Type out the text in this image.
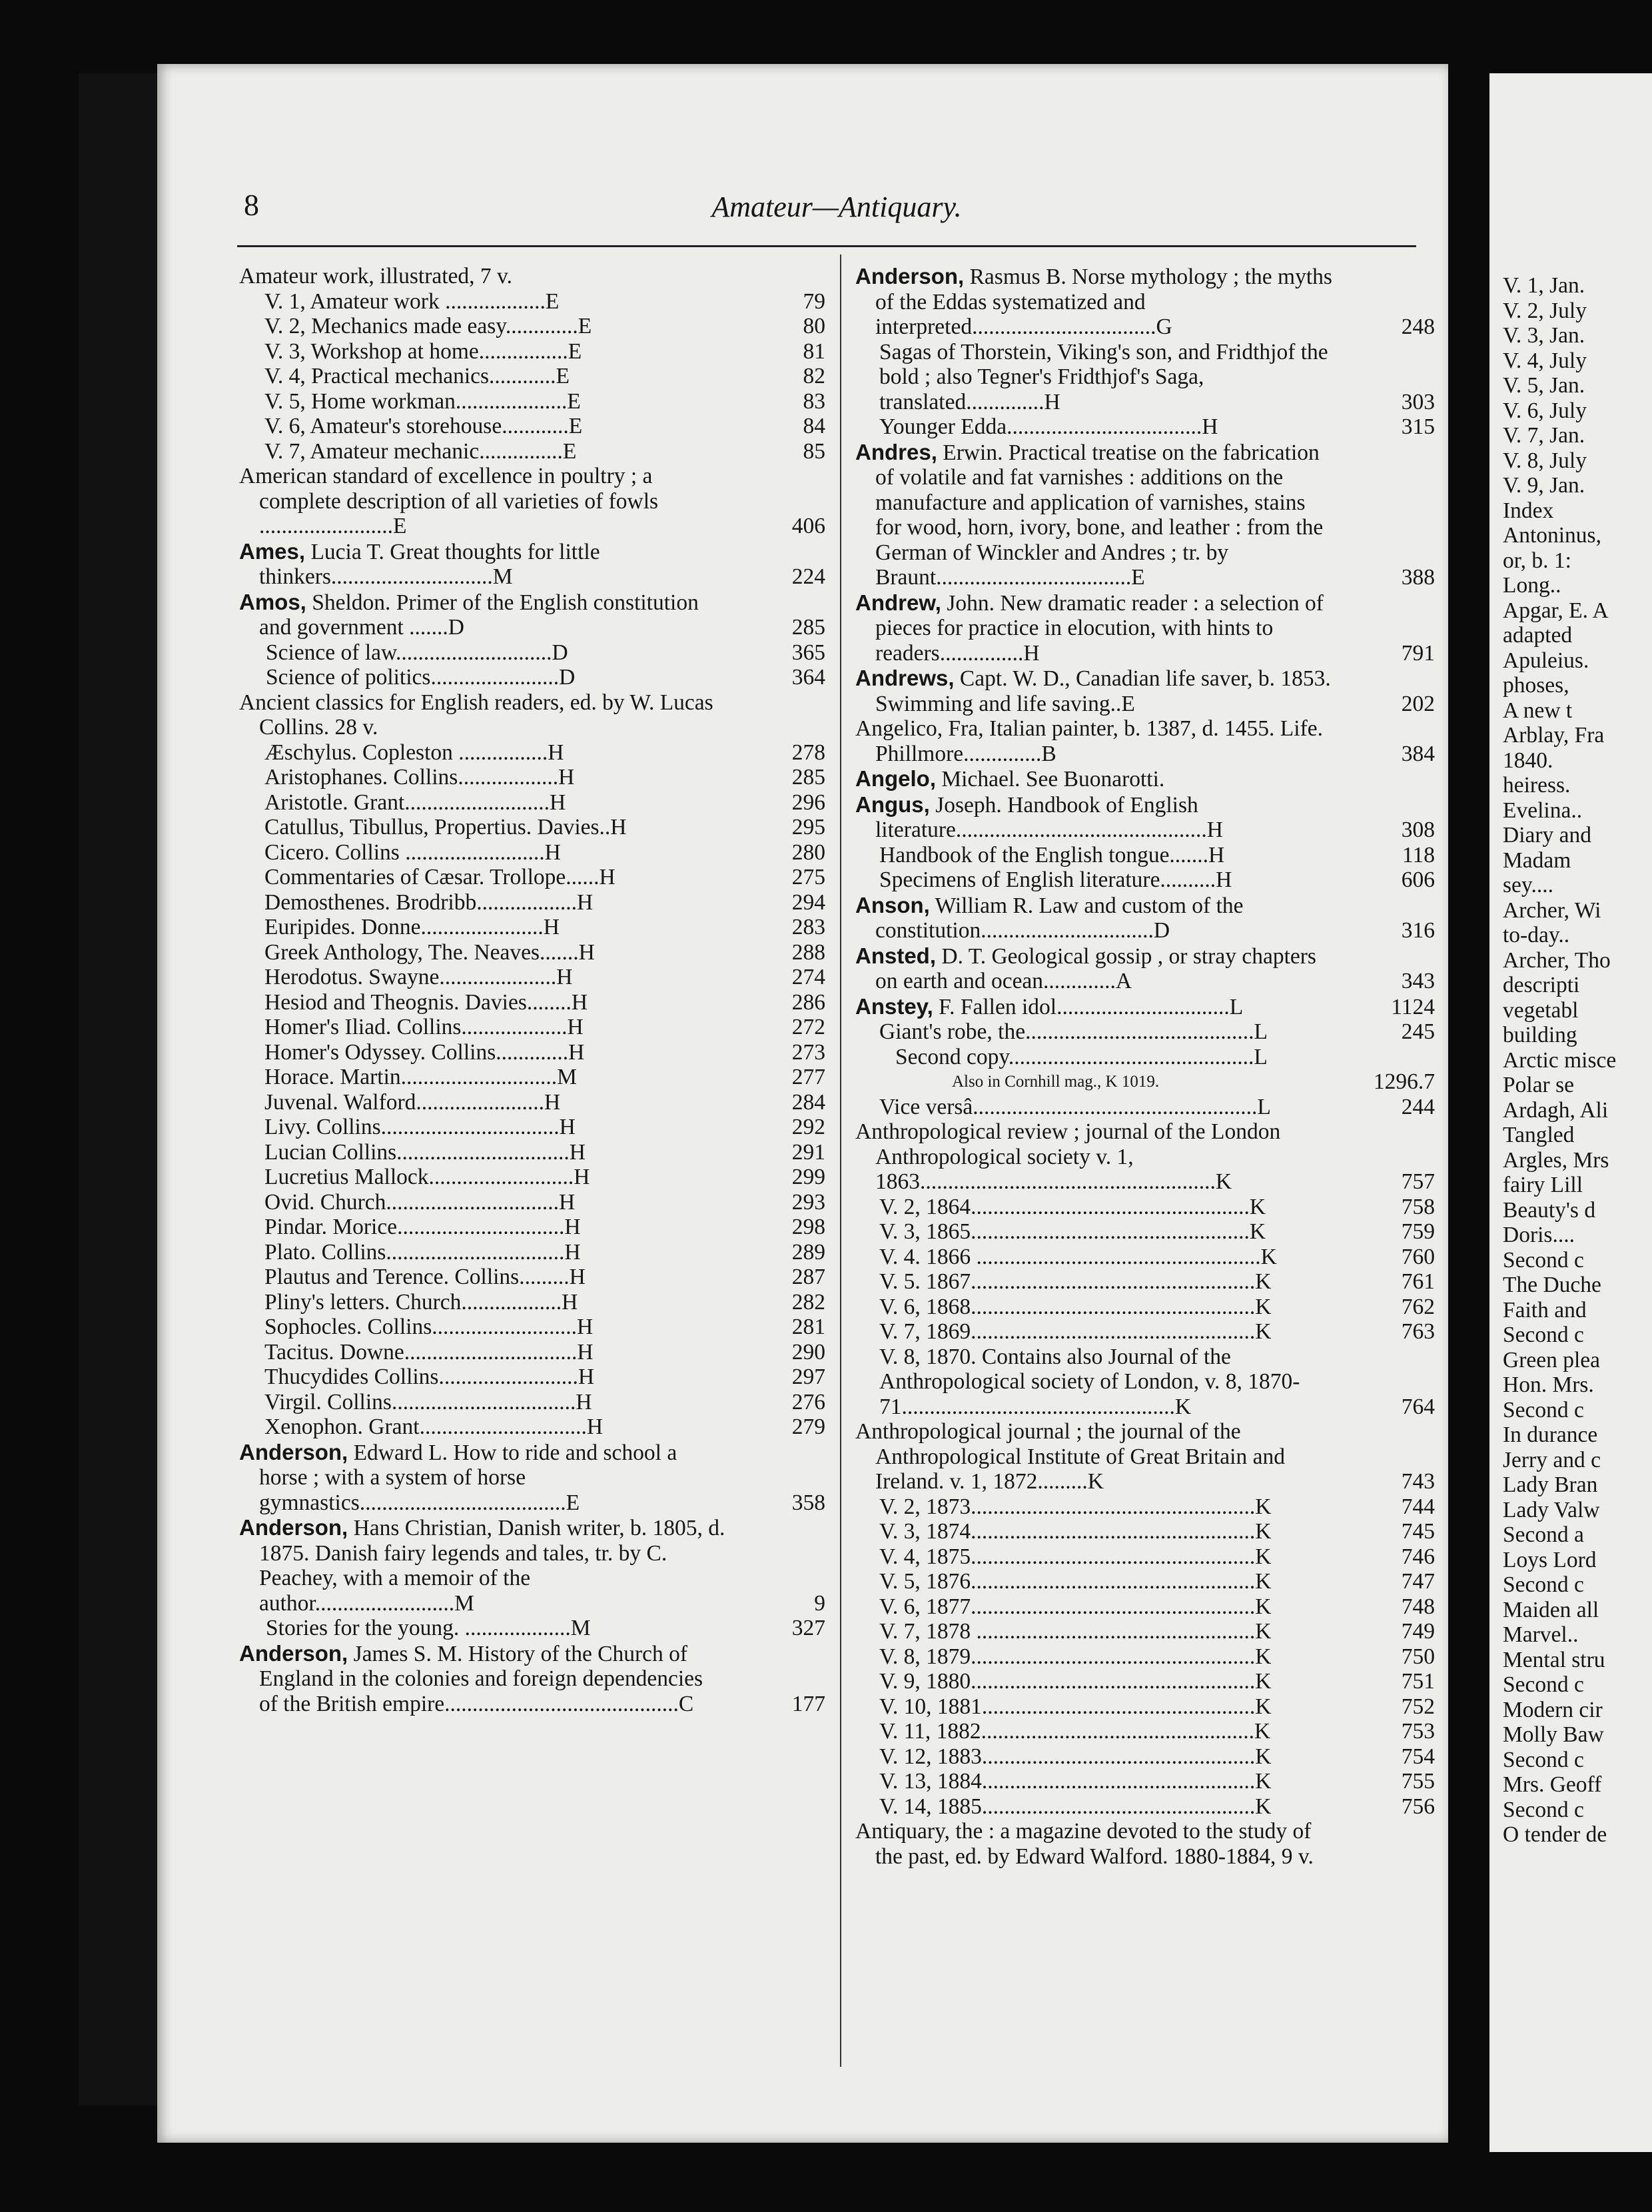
8	Amateur—Antiquary.
Amateur work, illustrated, 7 v.
V. 1, Amateur work ..................E	79
V. 2, Mechanics made easy.............E	80
V. 3, Workshop at home................E	81
V. 4, Practical mechanics............E	82
V. 5, Home workman....................E	83
V. 6, Amateur's storehouse............E	84
V. 7, Amateur mechanic...............E	85
American standard of excellence in poultry ; a complete description of all varieties of fowls ........................E	406
Ames, Lucia T. Great thoughts for little thinkers.............................M	224
Amos, Sheldon. Primer of the English constitution and government .......D	285
Science of law............................D	365
Science of politics.......................D	364
Ancient classics for English readers, ed. by W. Lucas Collins. 28 v.
Æschylus. Copleston ................H	278
Aristophanes. Collins..................H	285
Aristotle. Grant..........................H	296
Catullus, Tibullus, Propertius. Davies..H	295
Cicero. Collins .........................H	280
Commentaries of Cæsar. Trollope......H	275
Demosthenes. Brodribb..................H	294
Euripides. Donne......................H	283
Greek Anthology, The. Neaves.......H	288
Herodotus. Swayne.....................H	274
Hesiod and Theognis. Davies........H	286
Homer's Iliad. Collins...................H	272
Homer's Odyssey. Collins.............H	273
Horace. Martin............................M	277
Juvenal. Walford.......................H	284
Livy. Collins................................H	292
Lucian Collins...............................H	291
Lucretius Mallock..........................H	299
Ovid. Church...............................H	293
Pindar. Morice..............................H	298
Plato. Collins................................H	289
Plautus and Terence. Collins.........H	287
Pliny's letters. Church..................H	282
Sophocles. Collins..........................H	281
Tacitus. Downe...............................H	290
Thucydides Collins.........................H	297
Virgil. Collins.................................H	276
Xenophon. Grant..............................H	279
Anderson, Edward L. How to ride and school a horse ; with a system of horse gymnastics.....................................E	358
Anderson, Hans Christian, Danish writer, b. 1805, d. 1875. Danish fairy legends and tales, tr. by C. Peachey, with a memoir of the author.........................M	9
Stories for the young. ...................M	327
Anderson, James S. M. History of the Church of England in the colonies and foreign dependencies of the British empire..........................................C	177
Anderson, Rasmus B. Norse mythology ; the myths of the Eddas systematized and interpreted.................................G	248
Sagas of Thorstein, Viking's son, and Fridthjof the bold ; also Tegner's Fridthjof's Saga, translated..............H	303
Younger Edda...................................H	315
Andres, Erwin. Practical treatise on the fabrication of volatile and fat varnishes : additions on the manufacture and application of varnishes, stains for wood, horn, ivory, bone, and leather : from the German of Winckler and Andres ; tr. by Braunt...................................E	388
Andrew, John. New dramatic reader : a selection of pieces for practice in elocution, with hints to readers...............H	791
Andrews, Capt. W. D., Canadian life saver, b. 1853. Swimming and life saving..E	202
Angelico, Fra, Italian painter, b. 1387, d. 1455. Life. Phillmore..............B	384
Angelo, Michael. See Buonarotti.
Angus, Joseph. Handbook of English literature.............................................H	308
Handbook of the English tongue.......H	118
Specimens of English literature..........H	606
Anson, William R. Law and custom of the constitution...............................D	316
Ansted, D. T. Geological gossip , or stray chapters on earth and ocean.............A	343
Anstey, F. Fallen idol...............................L	1124
Giant's robe, the.........................................L	245
Second copy............................................L
Also in Cornhill mag., K 1019.	1296.7
Vice versâ...................................................L	244
Anthropological review ; journal of the London Anthropological society v. 1, 1863.....................................................K	757
V. 2, 1864..................................................K	758
V. 3, 1865..................................................K	759
V. 4. 1866 ...................................................K	760
V. 5. 1867...................................................K	761
V. 6, 1868...................................................K	762
V. 7, 1869...................................................K	763
V. 8, 1870. Contains also Journal of the Anthropological society of London, v. 8, 1870-71.................................................K	764
Anthropological journal ; the journal of the Anthropological Institute of Great Britain and Ireland. v. 1, 1872.........K	743
V. 2, 1873...................................................K	744
V. 3, 1874...................................................K	745
V. 4, 1875...................................................K	746
V. 5, 1876...................................................K	747
V. 6, 1877...................................................K	748
V. 7, 1878 ..................................................K	749
V. 8, 1879...................................................K	750
V. 9, 1880...................................................K	751
V. 10, 1881.................................................K	752
V. 11, 1882.................................................K	753
V. 12, 1883.................................................K	754
V. 13, 1884.................................................K	755
V. 14, 1885.................................................K	756
Antiquary, the : a magazine devoted to the study of the past, ed. by Edward Walford. 1880-1884, 9 v.
V. 1, Jan.
V. 2, July
V. 3, Jan.
V. 4, July
V. 5, Jan.
V. 6, July
V. 7, Jan.
V. 8, July
V. 9, Jan.
Index
Antoninus,
or, b. 1:
Long..
Apgar, E. A
adapted
Apuleius.
phoses,
A new t
Arblay, Fra
1840.
heiress.
Evelina..
Diary and
Madam
sey....
Archer, Wi
to-day..
Archer, Tho
descripti
vegetabl
building
Arctic misce
Polar se
Ardagh, Ali
Tangled
Argles, Mrs
fairy Lill
Beauty's d
Doris....
Second c
The Duche
Faith and
Second c
Green plea
Hon. Mrs.
Second c
In durance
Jerry and c
Lady Bran
Lady Valw
Second a
Loys Lord
Second c
Maiden all
Marvel..
Mental stru
Second c
Modern cir
Molly Baw
Second c
Mrs. Geoff
Second c
O tender de
